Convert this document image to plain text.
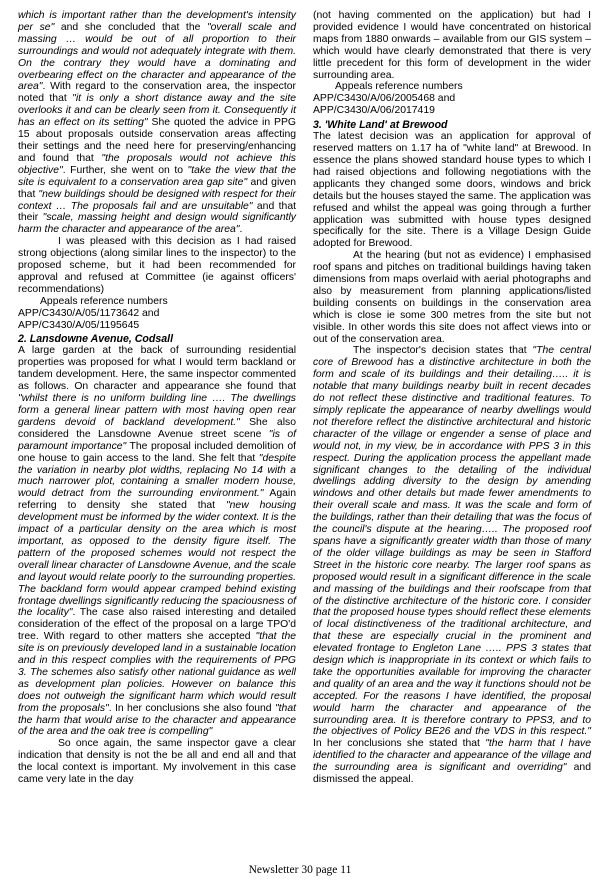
which is important rather than the development's intensity per se" and she concluded that the "overall scale and massing … would be out of all proportion to their surroundings and would not adequately integrate with them. On the contrary they would have a dominating and overbearing effect on the character and appearance of the area". With regard to the conservation area, the inspector noted that "it is only a short distance away and the site overlooks it and can be clearly seen from it. Consequently it has an effect on its setting" She quoted the advice in PPG 15 about proposals outside conservation areas affecting their settings and the need here for preserving/enhancing and found that "the proposals would not achieve this objective". Further, she went on to "take the view that the site is equivalent to a conservation area gap site" and given that "new buildings should be designed with respect for their context … The proposals fail and are unsuitable" and that their "scale, massing height and design would significantly harm the character and appearance of the area".

I was pleased with this decision as I had raised strong objections (along similar lines to the inspector) to the proposed scheme, but it had been recommended for approval and refused at Committee (ie against officers' recommendations)

Appeals reference numbers
APP/C3430/A/05/1173642 and
APP/C3430/A/05/1195645
2. Lansdowne Avenue, Codsall

A large garden at the back of surrounding residential properties was proposed for what I would term backland or tandem development. Here, the same inspector commented as follows. On character and appearance she found that "whilst there is no uniform building line …. The dwellings form a general linear pattern with most having open rear gardens devoid of backland development." She also considered the Lansdowne Avenue street scene "is of paramount importance" The proposal included demolition of one house to gain access to the land. She felt that "despite the variation in nearby plot widths, replacing No 14 with a much narrower plot, containing a smaller modern house, would detract from the surrounding environment." Again referring to density she stated that "new housing development must be informed by the wider context. It is the impact of a particular density on the area which is most important, as opposed to the density figure itself. The pattern of the proposed schemes would not respect the overall linear character of Lansdowne Avenue, and the scale and layout would relate poorly to the surrounding properties. The backland form would appear cramped behind existing frontage dwellings significantly reducing the spaciousness of the locality". The case also raised interesting and detailed consideration of the effect of the proposal on a large TPO'd tree. With regard to other matters she accepted "that the site is on previously developed land in a sustainable location and in this respect complies with the requirements of PPG 3. The schemes also satisfy other national guidance as well as development plan policies. However on balance this does not outweigh the significant harm which would result from the proposals". In her conclusions she also found "that the harm that would arise to the character and appearance of the area and the oak tree is compelling"

So once again, the same inspector gave a clear indication that density is not the be all and end all and that the local context is important. My involvement in this case came very late in the day

(not having commented on the application) but had I provided evidence I would have concentrated on historical maps from 1880 onwards – available from our GIS system – which would have clearly demonstrated that there is very little precedent for this form of development in the wider surrounding area.

Appeals reference numbers
APP/C3430/A/06/2005468 and
APP/C3430/A/06/2017419
3. 'White Land' at Brewood

The latest decision was an application for approval of reserved matters on 1.17 ha of "white land" at Brewood. In essence the plans showed standard house types to which I had raised objections and following negotiations with the applicants they changed some doors, windows and brick details but the houses stayed the same. The application was refused and whilst the appeal was going through a further application was submitted with house types designed specifically for the site. There is a Village Design Guide adopted for Brewood.

At the hearing (but not as evidence) I emphasised roof spans and pitches on traditional buildings having taken dimensions from maps overlaid with aerial photographs and also by measurement from planning applications/listed building consents on buildings in the conservation area which is close ie some 300 metres from the site but not visible. In other words this site does not affect views into or out of the conservation area.

The inspector's decision states that "The central core of Brewood has a distinctive architecture in both the form and scale of its buildings and their detailing….. it is notable that many buildings nearby built in recent decades do not reflect these distinctive and traditional features. To simply replicate the appearance of nearby dwellings would not therefore reflect the distinctive architectural and historic character of the village or engender a sense of place and would not, in my view, be in accordance with PPS 3 in this respect. During the application process the appellant made significant changes to the detailing of the individual dwellings adding diversity to the design by amending windows and other details but made fewer amendments to their overall scale and mass. It was the scale and form of the buildings, rather than their detailing that was the focus of the council's dispute at the hearing….. The proposed roof spans have a significantly greater width than those of many of the older village buildings as may be seen in Stafford Street in the historic core nearby. The larger roof spans as proposed would result in a significant difference in the scale and massing of the buildings and their roofscape from that of the distinctive architecture of the historic core. I consider that the proposed house types should reflect these elements of local distinctiveness of the traditional architecture, and that these are especially crucial in the prominent and elevated frontage to Engleton Lane ….. PPS 3 states that design which is inappropriate in its context or which fails to take the opportunities available for improving the character and quality of an area and the way it functions should not be accepted. For the reasons I have identified, the proposal would harm the character and appearance of the surrounding area. It is therefore contrary to PPS3, and to the objectives of Policy BE26 and the VDS in this respect." In her conclusions she stated that "the harm that I have identified to the character and appearance of the village and the surrounding area is significant and overriding" and dismissed the appeal.

Newsletter 30 page 11
